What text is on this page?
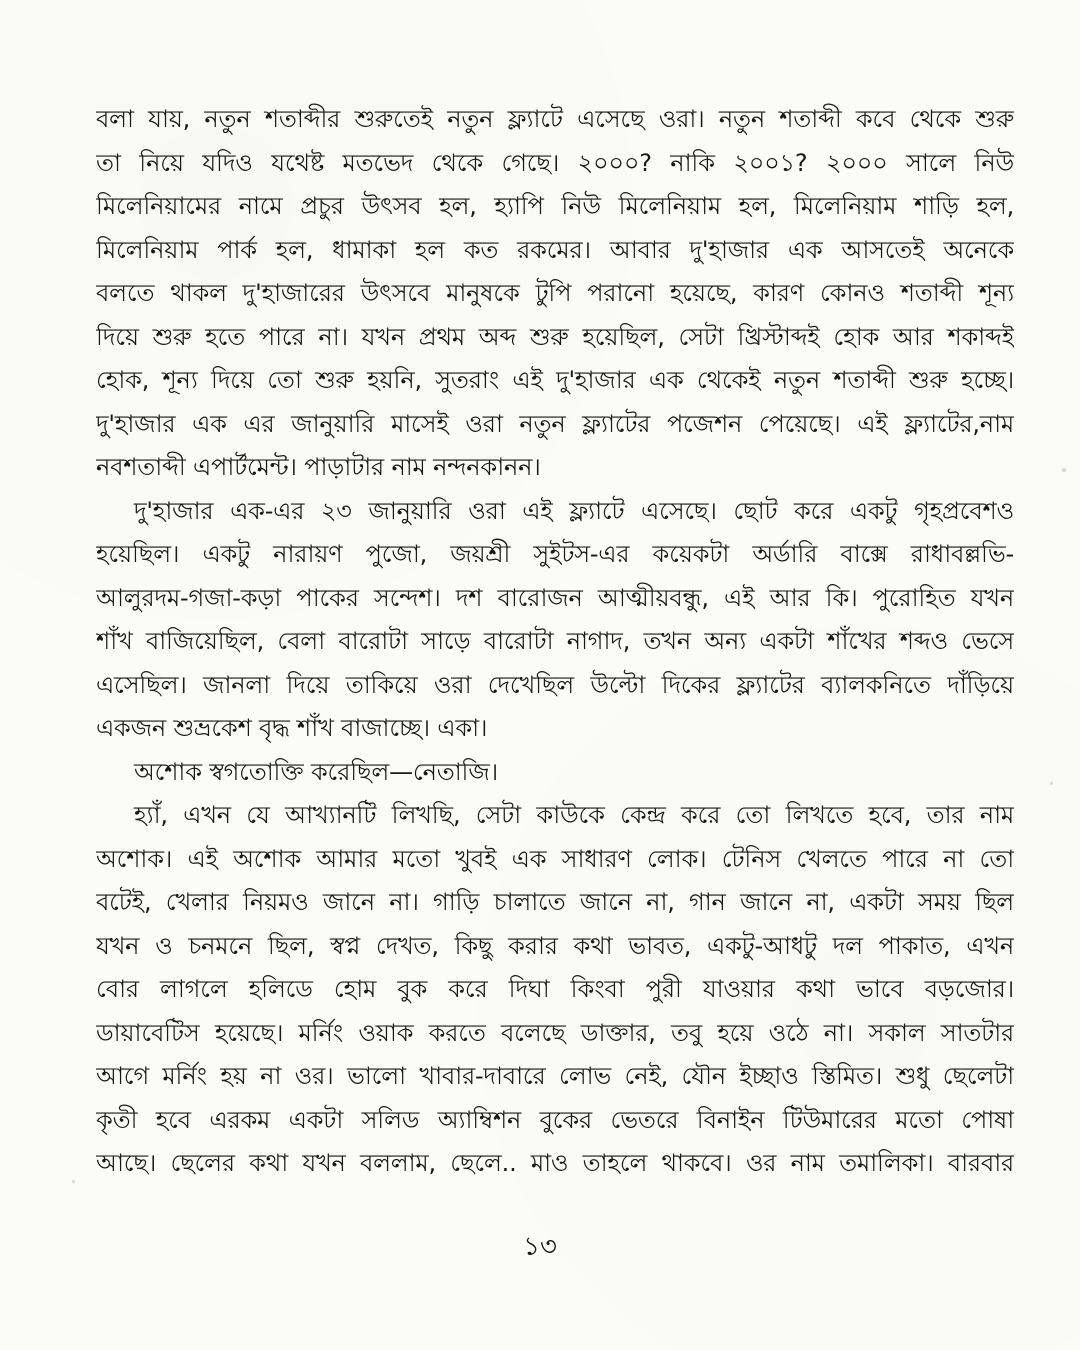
বলা যায়, নতুন শতাব্দীর শুরুতেই নতুন ফ্ল্যাটে এসেছে ওরা। নতুন শতাব্দী কবে থেকে শুরু
তা নিয়ে যদিও যথেষ্ট মতভেদ থেকে গেছে। ২০০০? নাকি ২০০১? ২০০০ সালে নিউ
মিলেনিয়ামের নামে প্রচুর উৎসব হল, হ্যাপি নিউ মিলেনিয়াম হল, মিলেনিয়াম শাড়ি হল,
মিলেনিয়াম পার্ক হল, ধামাকা হল কত রকমের। আবার দু'হাজার এক আসতেই অনেকে
বলতে থাকল দু'হাজারের উৎসবে মানুষকে টুপি পরানো হয়েছে, কারণ কোনও শতাব্দী শূন্য
দিয়ে শুরু হতে পারে না। যখন প্রথম অব্দ শুরু হয়েছিল, সেটা খ্রিস্টাব্দই হোক আর শকাব্দই
হোক, শূন্য দিয়ে তো শুরু হয়নি, সুতরাং এই দু'হাজার এক থেকেই নতুন শতাব্দী শুরু হচ্ছে।
দু'হাজার এক এর জানুয়ারি মাসেই ওরা নতুন ফ্ল্যাটের পজেশন পেয়েছে। এই ফ্ল্যাটের,নাম
নবশতাব্দী এপার্টমেন্ট। পাড়াটার নাম নন্দনকানন।
দু'হাজার এক-এর ২৩ জানুয়ারি ওরা এই ফ্ল্যাটে এসেছে। ছোট করে একটু গৃহপ্রবেশও
হয়েছিল। একটু নারায়ণ পুজো, জয়শ্রী সুইটস-এর কয়েকটা অর্ডারি বাক্সে রাধাবল্লভি-
আলুরদম-গজা-কড়া পাকের সন্দেশ। দশ বারোজন আত্মীয়বন্ধু, এই আর কি। পুরোহিত যখন
শাঁখ বাজিয়েছিল, বেলা বারোটা সাড়ে বারোটা নাগাদ, তখন অন্য একটা শাঁখের শব্দও ভেসে
এসেছিল। জানলা দিয়ে তাকিয়ে ওরা দেখেছিল উল্টো দিকের ফ্ল্যাটের ব্যালকনিতে দাঁড়িয়ে
একজন শুভ্রকেশ বৃদ্ধ শাঁখ বাজাচ্ছে। একা।
অশোক স্বগতোক্তি করেছিল—নেতাজি।
হ্যাঁ, এখন যে আখ্যানটি লিখছি, সেটা কাউকে কেন্দ্র করে তো লিখতে হবে, তার নাম
অশোক। এই অশোক আমার মতো খুবই এক সাধারণ লোক। টেনিস খেলতে পারে না তো
বটেই, খেলার নিয়মও জানে না। গাড়ি চালাতে জানে না, গান জানে না, একটা সময় ছিল
যখন ও চনমনে ছিল, স্বপ্ন দেখত, কিছু করার কথা ভাবত, একটু-আধটু দল পাকাত, এখন
বোর লাগলে হলিডে হোম বুক করে দিঘা কিংবা পুরী যাওয়ার কথা ভাবে বড়জোর।
ডায়াবেটিস হয়েছে। মর্নিং ওয়াক করতে বলেছে ডাক্তার, তবু হয়ে ওঠে না। সকাল সাতটার
আগে মর্নিং হয় না ওর। ভালো খাবার-দাবারে লোভ নেই, যৌন ইচ্ছাও স্তিমিত। শুধু ছেলেটা
কৃতী হবে এরকম একটা সলিড অ্যাম্বিশন বুকের ভেতরে বিনাইন টিউমারের মতো পোষা
আছে। ছেলের কথা যখন বললাম, ছেলে.. মাও তাহলে থাকবে। ওর নাম তমালিকা। বারবার
১৩
